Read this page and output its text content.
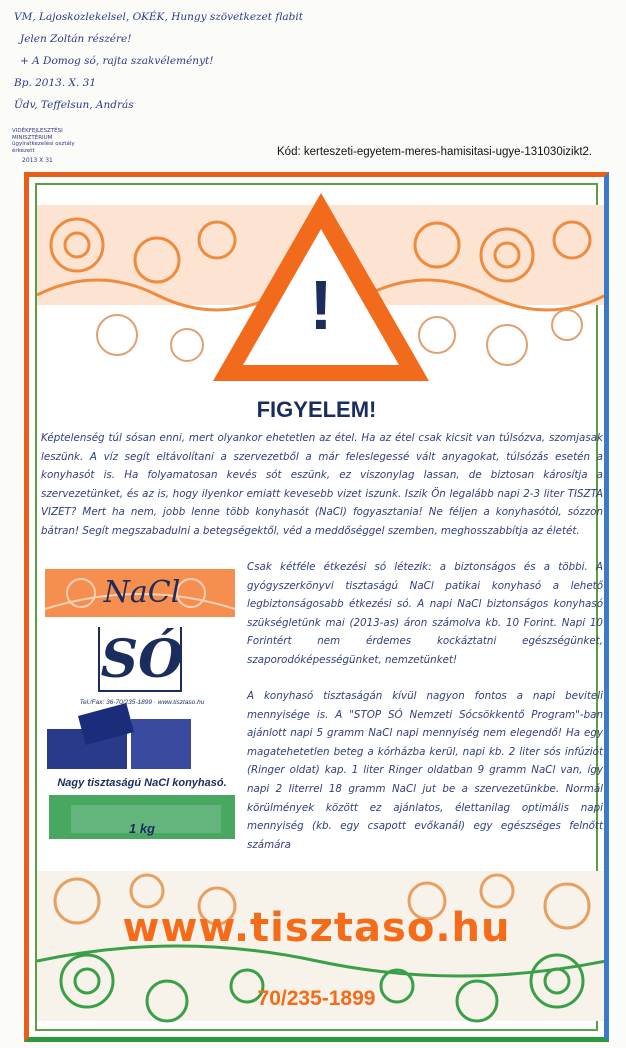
VM, Lajoskozlekelsel, OKÉK, Hungy szövetkezet flabit
Jelen Zoltán részére!
+ A Domog só, rajta szakvéleményt!
Bp. 2013. X. 31
Üdv, Teffelsun, András
VIDÉKFEJLESZTÉSI MINISZTÉRIUM
ügyiratkezelési osztály
érkezett
2013 X 31
Kód: kerteszeti-egyetem-meres-hamisitasi-ugye-131030izikt2.
!
FIGYELEM!

Képtelenség túl sósan enni, mert olyankor ehetetlen az étel. Ha az étel csak kicsit van túlsózva, szomjasak leszünk. A víz segít eltávolítani a szervezetből a már feleslegessé vált anyagokat, túlsózás esetén a konyhasót is. Ha folyamatosan kevés sót eszünk, ez viszonylag lassan, de biztosan károsítja a szervezetünket, és az is, hogy ilyenkor emiatt kevesebb vizet iszunk. Iszik Ön legalább napi 2-3 liter TISZTA VIZET? Mert ha nem, jobb lenne több konyhasót (NaCl) fogyasztania! Ne féljen a konyhasótól, sózzon bátran! Segít megszabadulni a betegségektől, véd a meddőséggel szemben, meghosszabbítja az életét.

Csak kétféle étkezési só létezik: a biztonságos és a többi. A gyógyszerkönyvi tisztaságú NaCl patikai konyhasó a lehető legbiztonságosabb étkezési só. A napi NaCl biztonságos konyhasó szükségletünk mai (2013-as) áron számolva kb. 10 Forint. Napi 10 Forintért nem érdemes kockáztatni egészségünket, szaporodóképességünket, nemzetünket!

A konyhasó tisztaságán kívül nagyon fontos a napi beviteli mennyisége is. A "STOP SÓ Nemzeti Sócsökkentő Program"-ban ajánlott napi 5 gramm NaCl napi mennyiség nem elegendő! Ha egy magatehetetlen beteg a kórházba kerül, napi kb. 2 liter sós infúziót (Ringer oldat) kap. 1 liter Ringer oldatban 9 gramm NaCl van, így napi 2 literrel 18 gramm NaCl jut be a szervezetünkbe. Normál körülmények között ez ajánlatos, élettanilag optimális napi mennyiség (kb. egy csapott evőkanál) egy egészséges felnőtt számára

NaCl
SÓ
Tel./Fax: 36-70/235-1899 · www.tisztaso.hu
Nagy tisztaságú NaCl konyhasó.
1 kg
www.tisztaso.hu
70/235-1899
